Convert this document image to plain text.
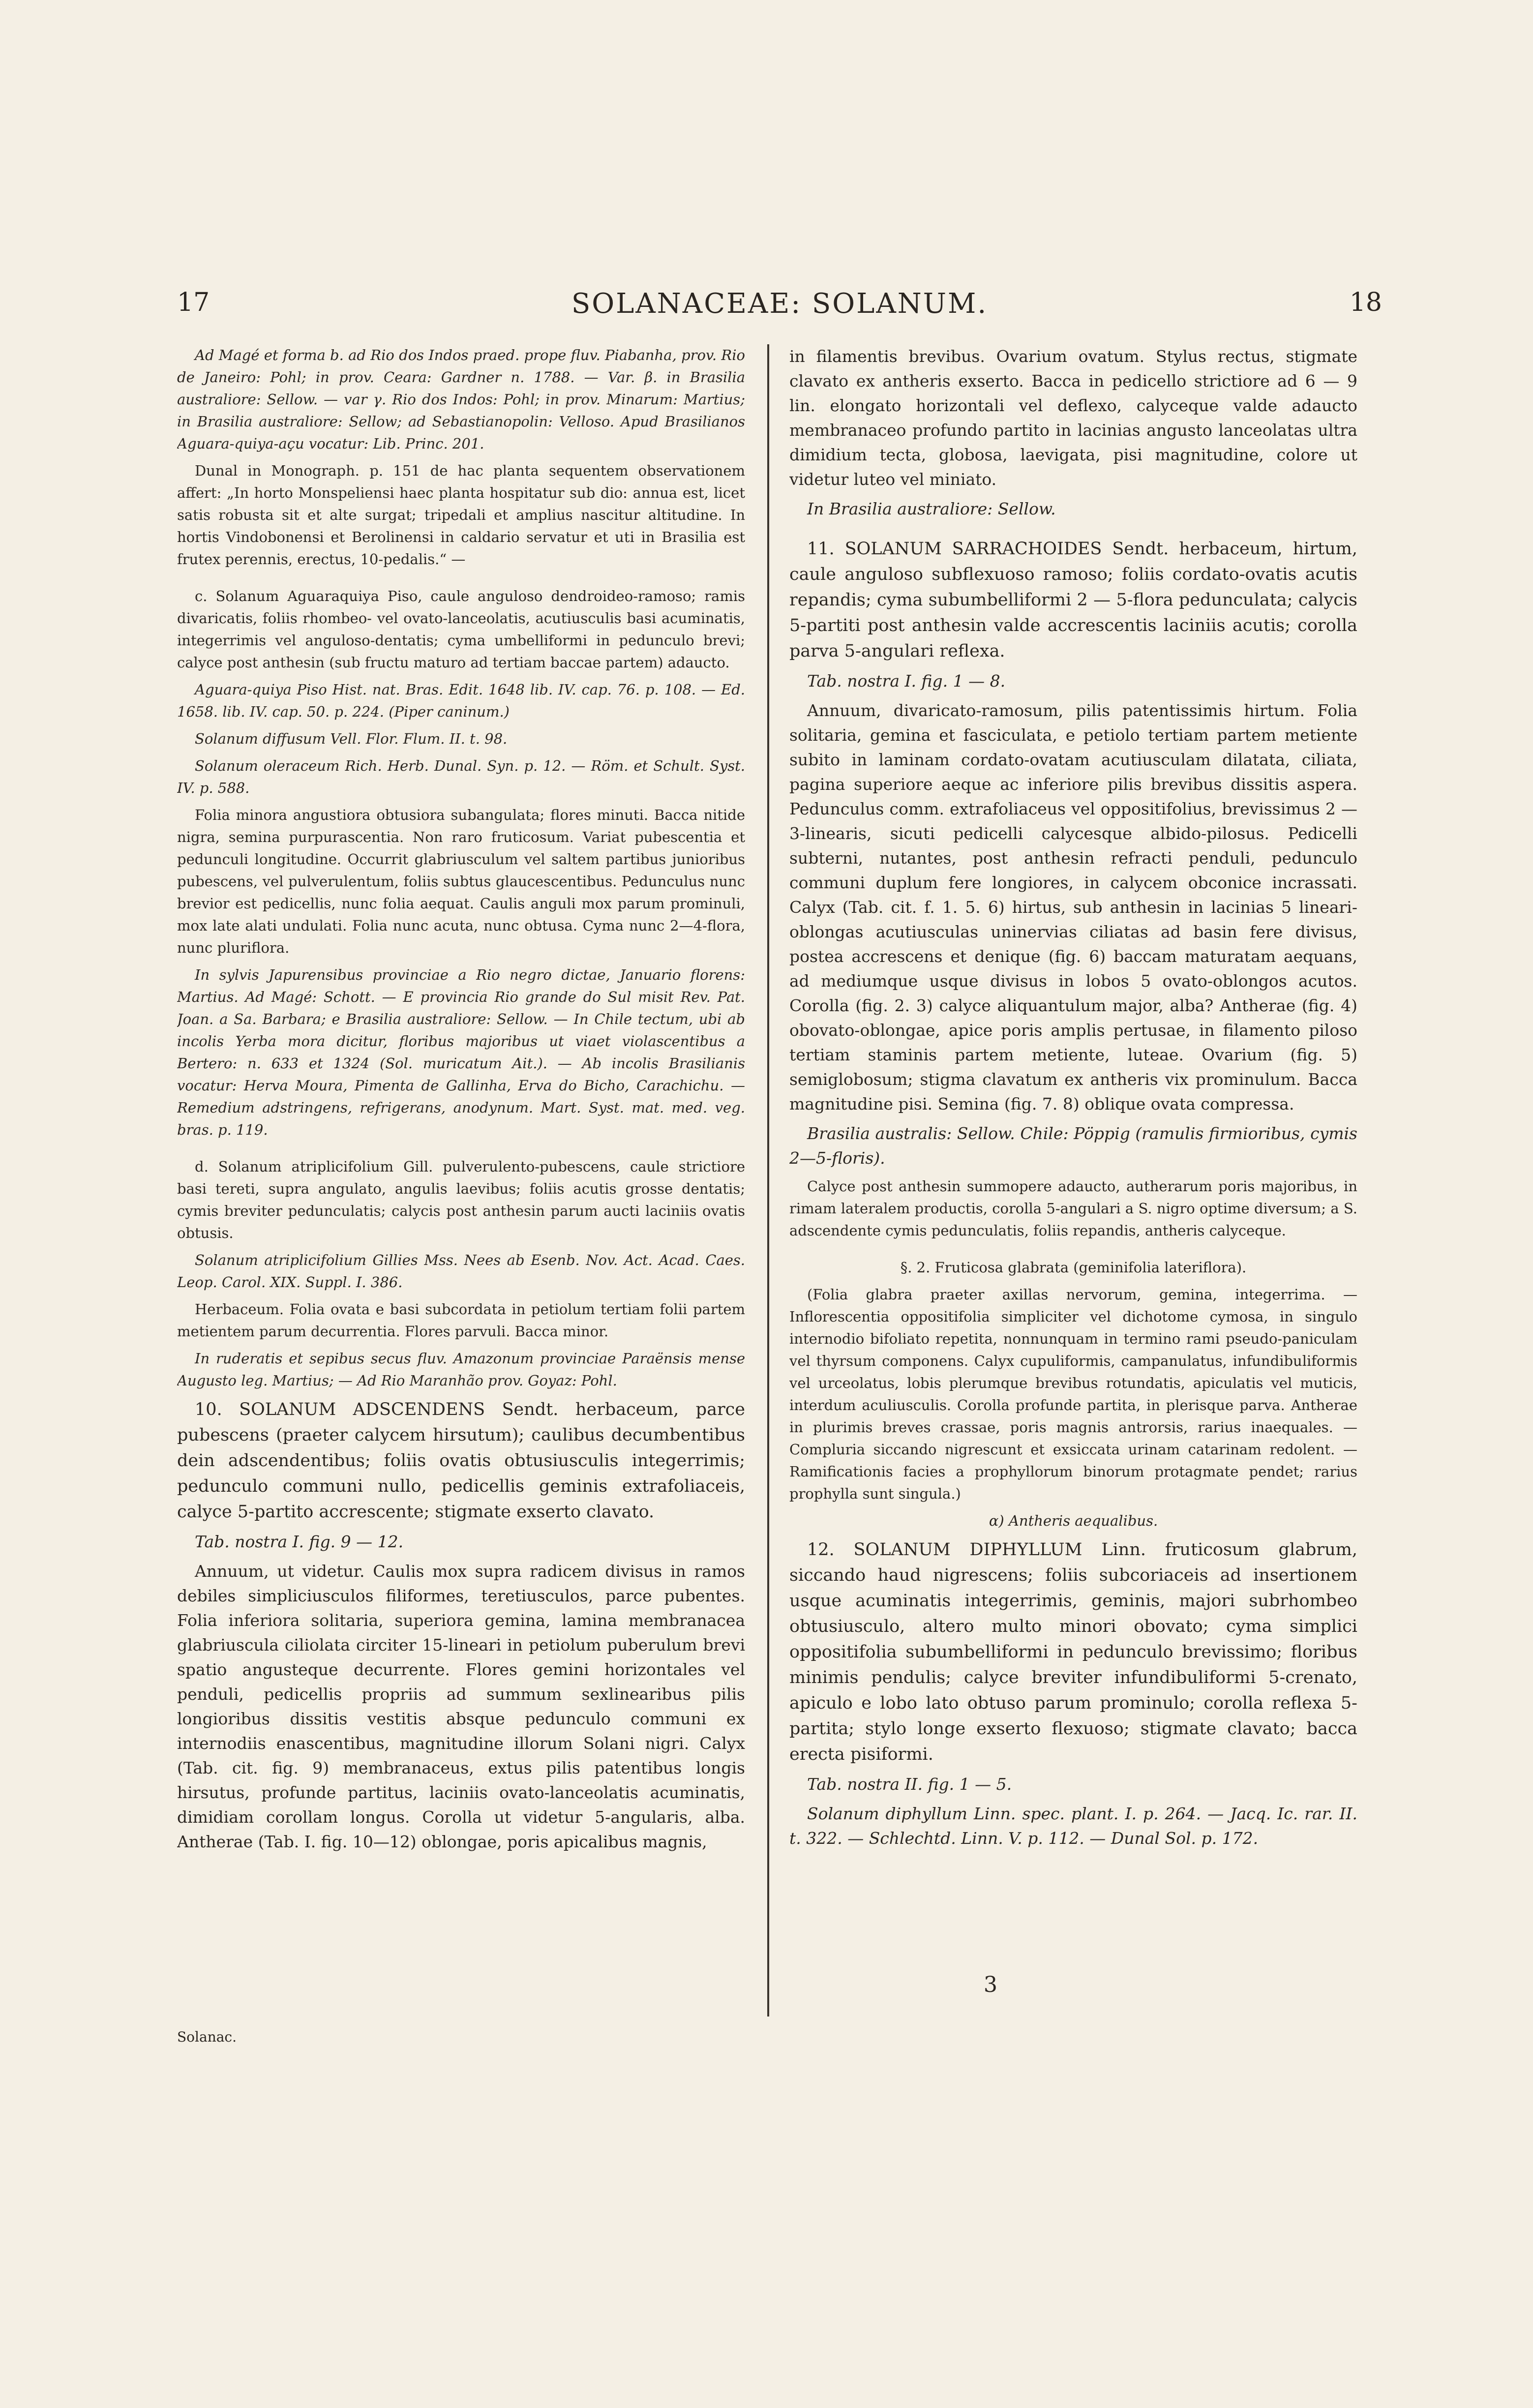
17	SOLANACEAE: SOLANUM.	18

Ad Magé et forma b. ad Rio dos Indos praed. prope fluv. Piabanha, prov. Rio de Janeiro: Pohl; in prov. Ceara: Gardner n. 1788. — Var. β. in Brasilia australiore: Sellow. — var γ. Rio dos Indos: Pohl; in prov. Minarum: Martius; in Brasilia australiore: Sellow; ad Sebastianopolin: Velloso. Apud Brasilianos Aguara-quiya-açu vocatur: Lib. Princ. 201.

Dunal in Monograph. p. 151 de hac planta sequentem observationem affert: „In horto Monspeliensi haec planta hospitatur sub dio: annua est, licet satis robusta sit et alte surgat; tripedali et amplius nascitur altitudine. In hortis Vindobonensi et Berolinensi in caldario servatur et uti in Brasilia est frutex perennis, erectus, 10-pedalis.“ —

c. Solanum Aguaraquiya Piso, caule anguloso dendroideo-ramoso; ramis divaricatis, foliis rhombeo- vel ovato-lanceolatis, acutiusculis basi acuminatis, integerrimis vel anguloso-dentatis; cyma umbelliformi in pedunculo brevi; calyce post anthesin (sub fructu maturo ad tertiam baccae partem) adaucto.

Aguara-quiya Piso Hist. nat. Bras. Edit. 1648 lib. IV. cap. 76. p. 108. — Ed. 1658. lib. IV. cap. 50. p. 224. (Piper caninum.)

Solanum diffusum Vell. Flor. Flum. II. t. 98.

Solanum oleraceum Rich. Herb. Dunal. Syn. p. 12. — Röm. et Schult. Syst. IV. p. 588.

Folia minora angustiora obtusiora subangulata; flores minuti. Bacca nitide nigra, semina purpurascentia. Non raro fruticosum. Variat pubescentia et pedunculi longitudine. Occurrit glabriusculum vel saltem partibus junioribus pubescens, vel pulverulentum, foliis subtus glaucescentibus. Pedunculus nunc brevior est pedicellis, nunc folia aequat. Caulis anguli mox parum prominuli, mox late alati undulati. Folia nunc acuta, nunc obtusa. Cyma nunc 2—4-flora, nunc pluriflora.

In sylvis Japurensibus provinciae a Rio negro dictae, Januario florens: Martius. Ad Magé: Schott. — E provincia Rio grande do Sul misit Rev. Pat. Joan. a Sa. Barbara; e Brasilia australiore: Sellow. — In Chile tectum, ubi ab incolis Yerba mora dicitur, floribus majoribus ut viaet violascentibus a Bertero: n. 633 et 1324 (Sol. muricatum Ait.). — Ab incolis Brasilianis vocatur: Herva Moura, Pimenta de Gallinha, Erva do Bicho, Carachichu. — Remedium adstringens, refrigerans, anodynum. Mart. Syst. mat. med. veg. bras. p. 119.

d. Solanum atriplicifolium Gill. pulverulento-pubescens, caule strictiore basi tereti, supra angulato, angulis laevibus; foliis acutis grosse dentatis; cymis breviter pedunculatis; calycis post anthesin parum aucti laciniis ovatis obtusis.

Solanum atriplicifolium Gillies Mss. Nees ab Esenb. Nov. Act. Acad. Caes. Leop. Carol. XIX. Suppl. I. 386.

Herbaceum. Folia ovata e basi subcordata in petiolum tertiam folii partem metientem parum decurrentia. Flores parvuli. Bacca minor.

In ruderatis et sepibus secus fluv. Amazonum provinciae Paraënsis mense Augusto leg. Martius; — Ad Rio Maranhão prov. Goyaz: Pohl.

10. SOLANUM ADSCENDENS Sendt. herbaceum, parce pubescens (praeter calycem hirsutum); caulibus decumbentibus dein adscendentibus; foliis ovatis obtusiusculis integerrimis; pedunculo communi nullo, pedicellis geminis extrafoliaceis, calyce 5-partito accrescente; stigmate exserto clavato.

Tab. nostra I. fig. 9 — 12.

Annuum, ut videtur. Caulis mox supra radicem divisus in ramos debiles simpliciusculos filiformes, teretiusculos, parce pubentes. Folia inferiora solitaria, superiora gemina, lamina membranacea glabriuscula ciliolata circiter 15-lineari in petiolum puberulum brevi spatio angusteque decurrente. Flores gemini horizontales vel penduli, pedicellis propriis ad summum sexlinearibus pilis longioribus dissitis vestitis absque pedunculo communi ex internodiis enascentibus, magnitudine illorum Solani nigri. Calyx (Tab. cit. fig. 9) membranaceus, extus pilis patentibus longis hirsutus, profunde partitus, laciniis ovato-lanceolatis acuminatis, dimidiam corollam longus. Corolla ut videtur 5-angularis, alba. Antherae (Tab. I. fig. 10—12) oblongae, poris apicalibus magnis,

in filamentis brevibus. Ovarium ovatum. Stylus rectus, stigmate clavato ex antheris exserto. Bacca in pedicello strictiore ad 6 — 9 lin. elongato horizontali vel deflexo, calyceque valde adaucto membranaceo profundo partito in lacinias angusto lanceolatas ultra dimidium tecta, globosa, laevigata, pisi magnitudine, colore ut videtur luteo vel miniato.

In Brasilia australiore: Sellow.

11. SOLANUM SARRACHOIDES Sendt. herbaceum, hirtum, caule anguloso subflexuoso ramoso; foliis cordato-ovatis acutis repandis; cyma subumbelliformi 2 — 5-flora pedunculata; calycis 5-partiti post anthesin valde accrescentis laciniis acutis; corolla parva 5-angulari reflexa.

Tab. nostra I. fig. 1 — 8.

Annuum, divaricato-ramosum, pilis patentissimis hirtum. Folia solitaria, gemina et fasciculata, e petiolo tertiam partem metiente subito in laminam cordato-ovatam acutiusculam dilatata, ciliata, pagina superiore aeque ac inferiore pilis brevibus dissitis aspera. Pedunculus comm. extrafoliaceus vel oppositifolius, brevissimus 2 — 3-linearis, sicuti pedicelli calycesque albido-pilosus. Pedicelli subterni, nutantes, post anthesin refracti penduli, pedunculo communi duplum fere longiores, in calycem obconice incrassati. Calyx (Tab. cit. f. 1. 5. 6) hirtus, sub anthesin in lacinias 5 lineari-oblongas acutiusculas uninervias ciliatas ad basin fere divisus, postea accrescens et denique (fig. 6) baccam maturatam aequans, ad mediumque usque divisus in lobos 5 ovato-oblongos acutos. Corolla (fig. 2. 3) calyce aliquantulum major, alba? Antherae (fig. 4) obovato-oblongae, apice poris amplis pertusae, in filamento piloso tertiam staminis partem metiente, luteae. Ovarium (fig. 5) semiglobosum; stigma clavatum ex antheris vix prominulum. Bacca magnitudine pisi. Semina (fig. 7. 8) oblique ovata compressa.

Brasilia australis: Sellow. Chile: Pöppig (ramulis firmioribus, cymis 2—5-floris).

Calyce post anthesin summopere adaucto, autherarum poris majoribus, in rimam lateralem productis, corolla 5-angulari a S. nigro optime diversum; a S. adscendente cymis pedunculatis, foliis repandis, antheris calyceque.

§. 2. Fruticosa glabrata (geminifolia lateriflora).

(Folia glabra praeter axillas nervorum, gemina, integerrima. — Inflorescentia oppositifolia simpliciter vel dichotome cymosa, in singulo internodio bifoliato repetita, nonnunquam in termino rami pseudo-paniculam vel thyrsum componens. Calyx cupuliformis, campanulatus, infundibuliformis vel urceolatus, lobis plerumque brevibus rotundatis, apiculatis vel muticis, interdum aculiusculis. Corolla profunde partita, in plerisque parva. Antherae in plurimis breves crassae, poris magnis antrorsis, rarius inaequales. — Compluria siccando nigrescunt et exsiccata urinam catarinam redolent. — Ramificationis facies a prophyllorum binorum protagmate pendet; rarius prophylla sunt singula.)

α) Antheris aequalibus.

12. SOLANUM DIPHYLLUM Linn. fruticosum glabrum, siccando haud nigrescens; foliis subcoriaceis ad insertionem usque acuminatis integerrimis, geminis, majori subrhombeo obtusiusculo, altero multo minori obovato; cyma simplici oppositifolia subumbelliformi in pedunculo brevissimo; floribus minimis pendulis; calyce breviter infundibuliformi 5-crenato, apiculo e lobo lato obtuso parum prominulo; corolla reflexa 5-partita; stylo longe exserto flexuoso; stigmate clavato; bacca erecta pisiformi.

Tab. nostra II. fig. 1 — 5.

Solanum diphyllum Linn. spec. plant. I. p. 264. — Jacq. Ic. rar. II. t. 322. — Schlechtd. Linn. V. p. 112. — Dunal Sol. p. 172.

Solanac.
3
